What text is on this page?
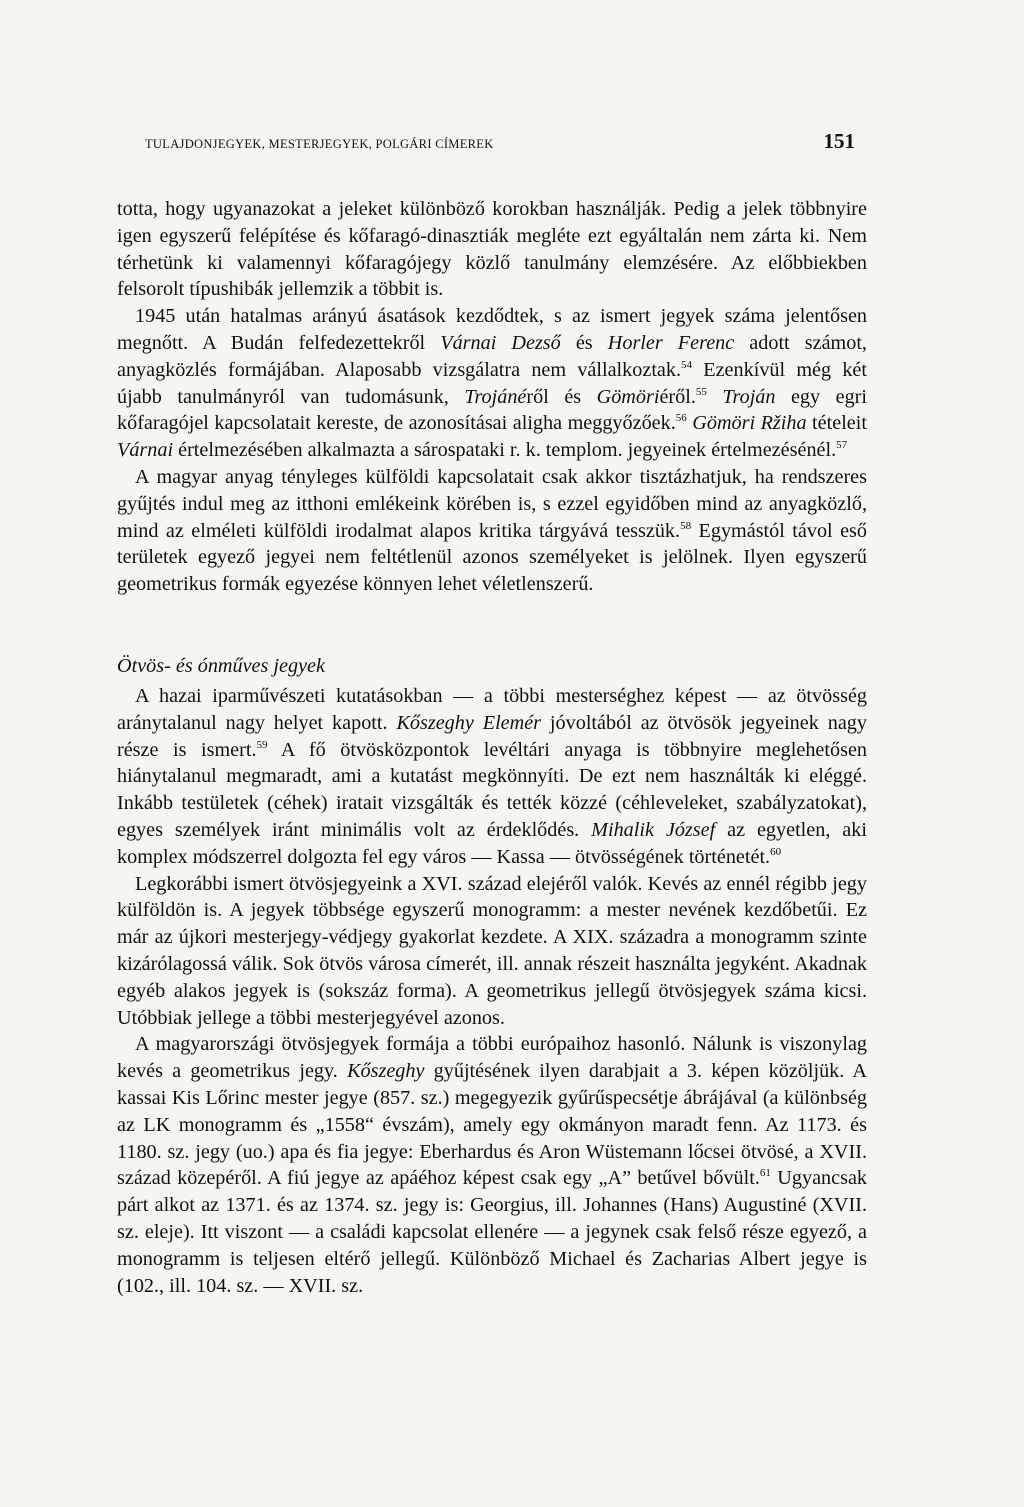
TULAJDONJEGYEK, MESTERJEGYEK, POLGÁRI CÍMEREK	151

totta, hogy ugyanazokat a jeleket különböző korokban használják. Pedig a jelek többnyire igen egyszerű felépítése és kőfaragó-dinasztiák megléte ezt egyáltalán nem zárta ki. Nem térhetünk ki valamennyi kőfaragójegy közlő tanulmány elemzésére. Az előbbiekben felsorolt típushibák jellemzik a többit is.

1945 után hatalmas arányú ásatások kezdődtek, s az ismert jegyek száma jelentősen megnőtt. A Budán felfedezettekről Várnai Dezső és Horler Ferenc adott számot, anyagközlés formájában. Alaposabb vizsgálatra nem vállalkoztak.$^{54}$ Ezenkívül még két újabb tanulmányról van tudomásunk, Trojánéről és Gömöriéről.$^{55}$ Troján egy egri kőfaragójel kapcsolatait kereste, de azonosításai aligha meggyőzőek.$^{56}$ Gömöri Ržiha tételeit Várnai értelmezésében alkalmazta a sárospataki r. k. templom. jegyeinek értelmezésénél.$^{57}$

A magyar anyag tényleges külföldi kapcsolatait csak akkor tisztázhatjuk, ha rendszeres gyűjtés indul meg az itthoni emlékeink körében is, s ezzel egyidőben mind az anyagközlő, mind az elméleti külföldi irodalmat alapos kritika tárgyává tesszük.$^{58}$ Egymástól távol eső területek egyező jegyei nem feltétlenül azonos személyeket is jelölnek. Ilyen egyszerű geometrikus formák egyezése könnyen lehet véletlenszerű.

Ötvös- és ónműves jegyek

A hazai iparművészeti kutatásokban — a többi mesterséghez képest — az ötvösség aránytalanul nagy helyet kapott. Kőszeghy Elemér jóvoltából az ötvösök jegyeinek nagy része is ismert.$^{59}$ A fő ötvösközpontok levéltári anyaga is többnyire meglehetősen hiánytalanul megmaradt, ami a kutatást megkönnyíti. De ezt nem használták ki eléggé. Inkább testületek (céhek) iratait vizsgálták és tették közzé (céhleveleket, szabályzatokat), egyes személyek iránt minimális volt az érdeklődés. Mihalik József az egyetlen, aki komplex módszerrel dolgozta fel egy város — Kassa — ötvösségének történetét.$^{60}$

Legkorábbi ismert ötvösjegyeink a XVI. század elejéről valók. Kevés az ennél régibb jegy külföldön is. A jegyek többsége egyszerű monogramm: a mester nevének kezdőbetűi. Ez már az újkori mesterjegy-védjegy gyakorlat kezdete. A XIX. századra a monogramm szinte kizárólagossá válik. Sok ötvös városa címerét, ill. annak részeit használta jegyként. Akadnak egyéb alakos jegyek is (sokszáz forma). A geometrikus jellegű ötvösjegyek száma kicsi. Utóbbiak jellege a többi mesterjegyével azonos.

A magyarországi ötvösjegyek formája a többi európaihoz hasonló. Nálunk is viszonylag kevés a geometrikus jegy. Kőszeghy gyűjtésének ilyen darabjait a 3. képen közöljük. A kassai Kis Lőrinc mester jegye (857. sz.) megegyezik gyűrűspecsétje ábrájával (a különbség az LK monogramm és „1558“ évszám), amely egy okmányon maradt fenn. Az 1173. és 1180. sz. jegy (uo.) apa és fia jegye: Eberhardus és Aron Wüstemann lőcsei ötvösé, a XVII. század közepéről. A fiú jegye az apáéhoz képest csak egy „A” betűvel bővült.$^{61}$ Ugyancsak párt alkot az 1371. és az 1374. sz. jegy is: Georgius, ill. Johannes (Hans) Augustiné (XVII. sz. eleje). Itt viszont — a családi kapcsolat ellenére — a jegynek csak felső része egyező, a monogramm is teljesen eltérő jellegű. Különböző Michael és Zacharias Albert jegye is (102., ill. 104. sz. — XVII. sz.
